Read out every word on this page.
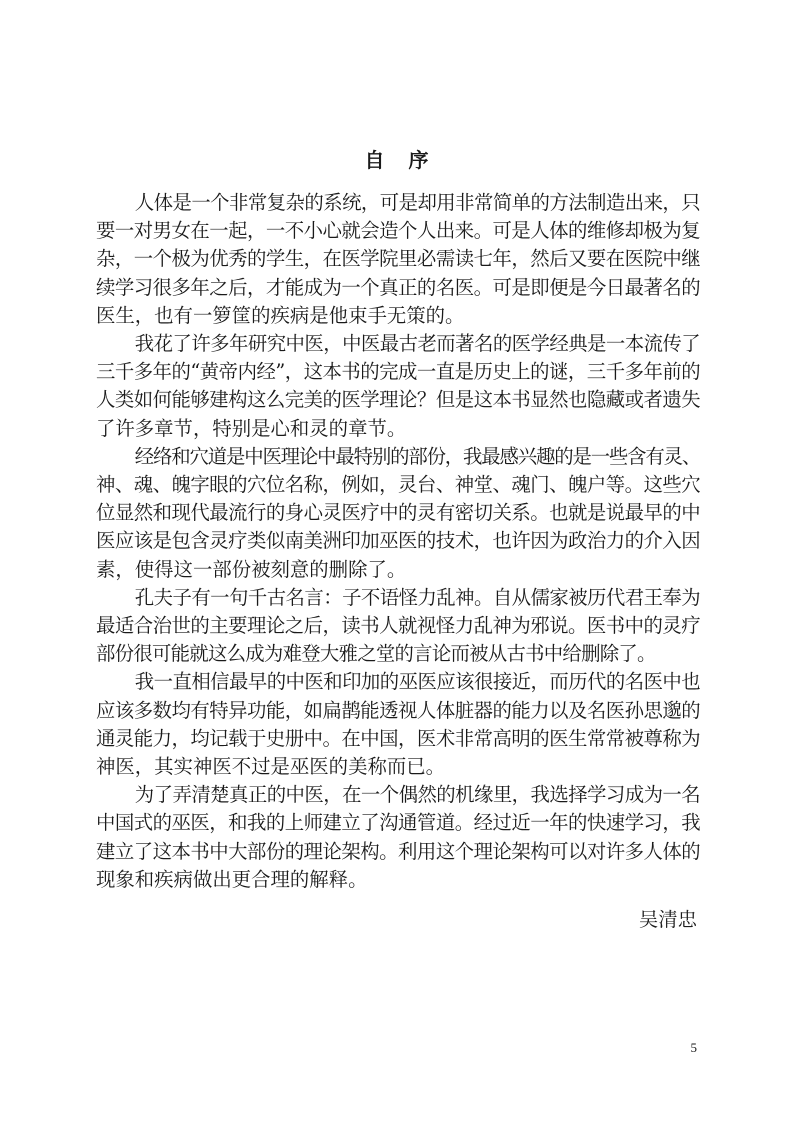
自 序
人体是一个非常复杂的系统，可是却用非常简单的方法制造出来，只
要一对男女在一起，一不小心就会造个人出来。可是人体的维修却极为复
杂，一个极为优秀的学生，在医学院里必需读七年，然后又要在医院中继
续学习很多年之后，才能成为一个真正的名医。可是即便是今日最著名的
医生，也有一箩筐的疾病是他束手无策的。
我花了许多年研究中医，中医最古老而著名的医学经典是一本流传了
三千多年的“黄帝内经”，这本书的完成一直是历史上的谜，三千多年前的
人类如何能够建构这么完美的医学理论？但是这本书显然也隐藏或者遗失
了许多章节，特别是心和灵的章节。
经络和穴道是中医理论中最特别的部份，我最感兴趣的是一些含有灵、
神、魂、魄字眼的穴位名称，例如，灵台、神堂、魂门、魄户等。这些穴
位显然和现代最流行的身心灵医疗中的灵有密切关系。也就是说最早的中
医应该是包含灵疗类似南美洲印加巫医的技术，也许因为政治力的介入因
素，使得这一部份被刻意的删除了。
孔夫子有一句千古名言：子不语怪力乱神。自从儒家被历代君王奉为
最适合治世的主要理论之后，读书人就视怪力乱神为邪说。医书中的灵疗
部份很可能就这么成为难登大雅之堂的言论而被从古书中给删除了。
我一直相信最早的中医和印加的巫医应该很接近，而历代的名医中也
应该多数均有特异功能，如扁鹊能透视人体脏器的能力以及名医孙思邈的
通灵能力，均记载于史册中。在中国，医术非常高明的医生常常被尊称为
神医，其实神医不过是巫医的美称而已。
为了弄清楚真正的中医，在一个偶然的机缘里，我选择学习成为一名
中国式的巫医，和我的上师建立了沟通管道。经过近一年的快速学习，我
建立了这本书中大部份的理论架构。利用这个理论架构可以对许多人体的
现象和疾病做出更合理的解释。
吴清忠
5
